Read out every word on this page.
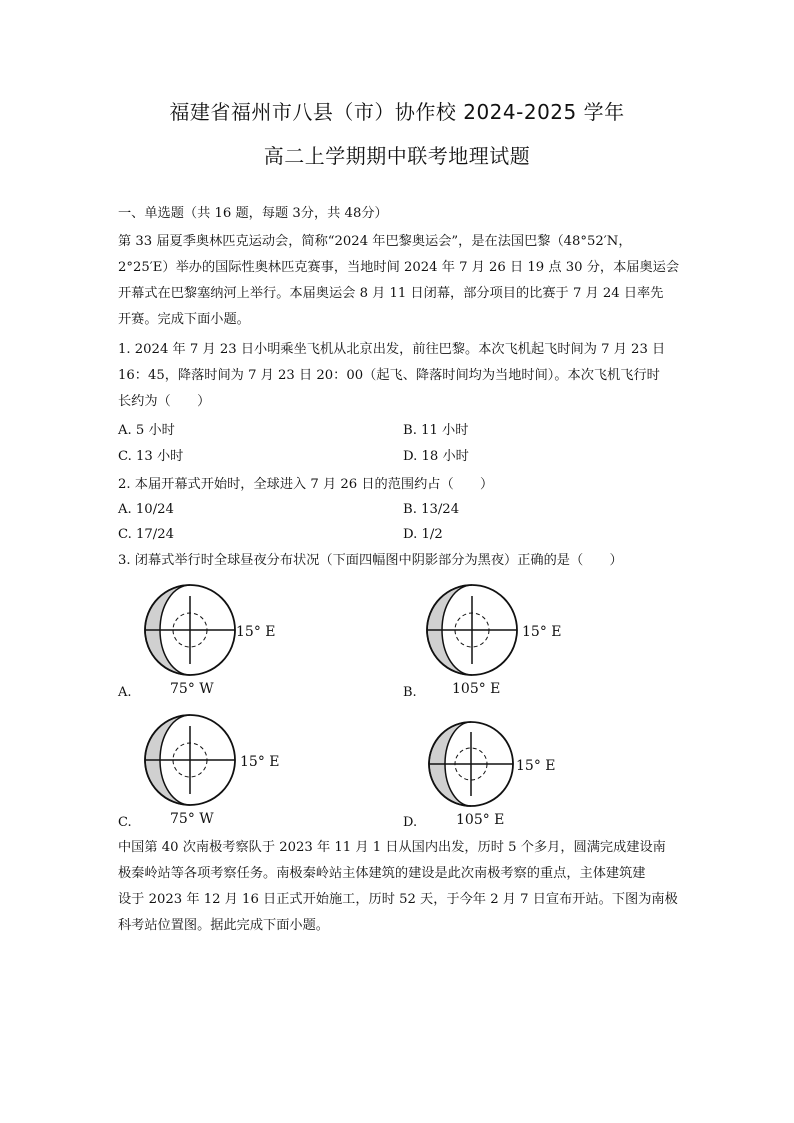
福建省福州市八县（市）协作校 2024-2025 学年
高二上学期期中联考地理试题
一、单选题（共 16 题，每题 3分，共 48分）
第 33 届夏季奥林匹克运动会，简称“2024 年巴黎奥运会”，是在法国巴黎（48°52′N，
2°25′E）举办的国际性奥林匹克赛事，当地时间 2024 年 7 月 26 日 19 点 30 分，本届奥运会
开幕式在巴黎塞纳河上举行。本届奥运会 8 月 11 日闭幕，部分项目的比赛于 7 月 24 日率先
开赛。完成下面小题。
1. 2024 年 7 月 23 日小明乘坐飞机从北京出发，前往巴黎。本次飞机起飞时间为 7 月 23 日
16：45，降落时间为 7 月 23 日 20：00（起飞、降落时间均为当地时间）。本次飞机飞行时
长约为（　　）
A. 5 小时	B. 11 小时
C. 13 小时	D. 18 小时
2. 本届开幕式开始时，全球进入 7 月 26 日的范围约占（　　）
A. 10/24	B. 13/24
C. 17/24	D. 1/2
3. 闭幕式举行时全球昼夜分布状况（下面四幅图中阴影部分为黑夜）正确的是（　　）
15° E
75° W
A.
15° E
105° E
B.
15° E
75° W
C.
15° E
105° E
D.
中国第 40 次南极考察队于 2023 年 11 月 1 日从国内出发，历时 5 个多月，圆满完成建设南
极秦岭站等各项考察任务。南极秦岭站主体建筑的建设是此次南极考察的重点，主体建筑建
设于 2023 年 12 月 16 日正式开始施工，历时 52 天，于今年 2 月 7 日宣布开站。下图为南极
科考站位置图。据此完成下面小题。
